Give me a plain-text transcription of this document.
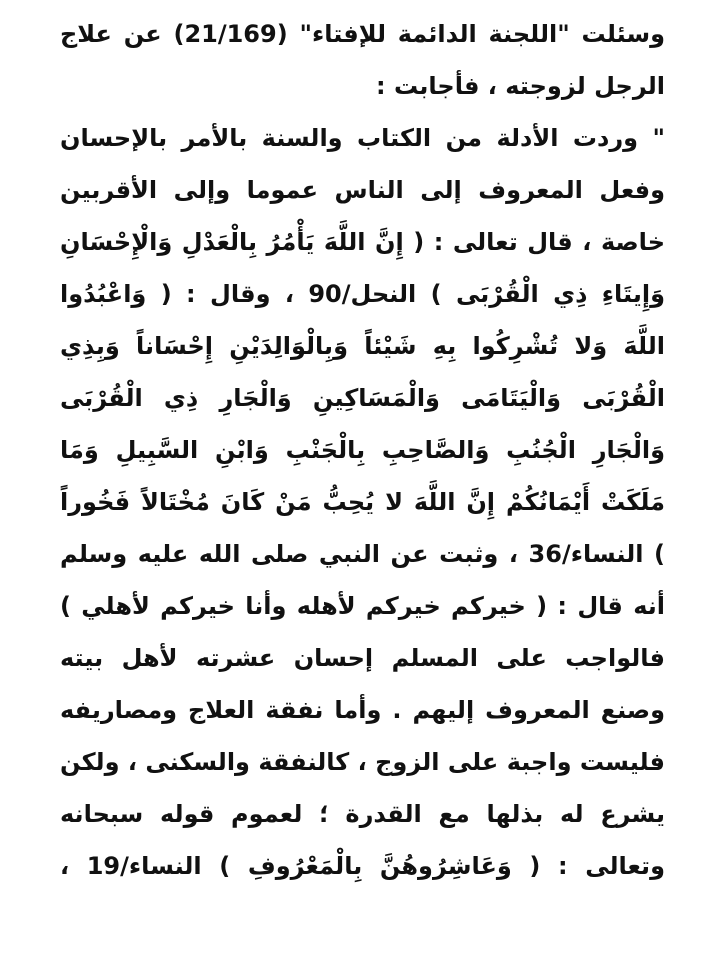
وسئلت "اللجنة الدائمة للإفتاء" (21/169) عن علاج
الرجل لزوجته ، فأجابت :
" وردت الأدلة من الكتاب والسنة بالأمر بالإحسان
وفعل المعروف إلى الناس عموما وإلى الأقربين
خاصة ، قال تعالى : ( إِنَّ اللَّهَ يَأْمُرُ بِالْعَدْلِ وَالْإِحْسَانِ
وَإِيتَاءِ ذِي الْقُرْبَى ) النحل/90 ، وقال : ( وَاعْبُدُوا
اللَّهَ وَلا تُشْرِكُوا بِهِ شَيْئاً وَبِالْوَالِدَيْنِ إِحْسَاناً وَبِذِي
الْقُرْبَى وَالْيَتَامَى وَالْمَسَاكِينِ وَالْجَارِ ذِي الْقُرْبَى
وَالْجَارِ الْجُنُبِ وَالصَّاحِبِ بِالْجَنْبِ وَابْنِ السَّبِيلِ وَمَا
مَلَكَتْ أَيْمَانُكُمْ إِنَّ اللَّهَ لا يُحِبُّ مَنْ كَانَ مُخْتَالاً فَخُوراً
) النساء/36 ، وثبت عن النبي صلى الله عليه وسلم
أنه قال : ( خيركم خيركم لأهله وأنا خيركم لأهلي )
فالواجب على المسلم إحسان عشرته لأهل بيته
وصنع المعروف إليهم . وأما نفقة العلاج ومصاريفه
فليست واجبة على الزوج ، كالنفقة والسكنى ، ولكن
يشرع له بذلها مع القدرة ؛ لعموم قوله سبحانه
وتعالى : ( وَعَاشِرُوهُنَّ بِالْمَعْرُوفِ ) النساء/19 ،
